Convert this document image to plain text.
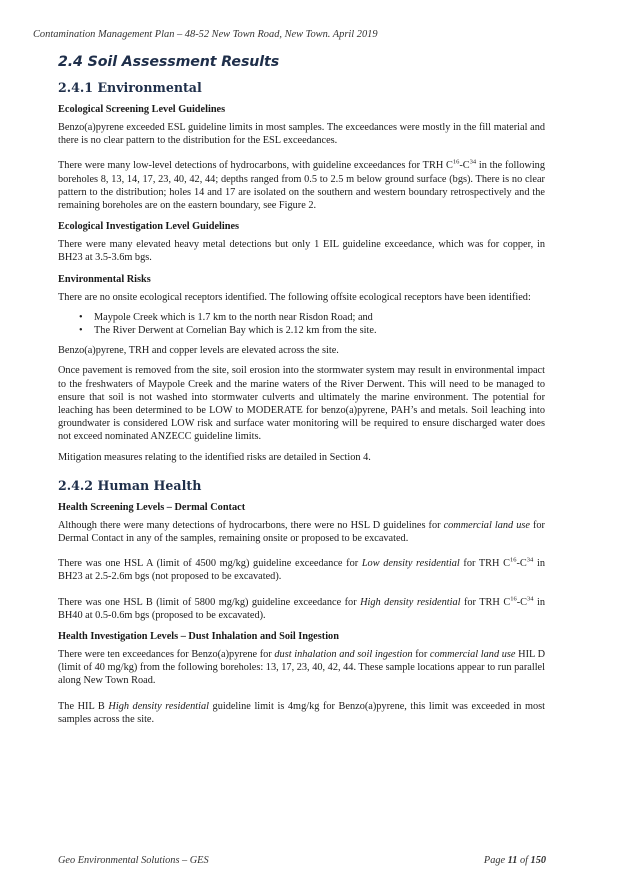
Contamination Management Plan – 48-52 New Town Road, New Town. April 2019
2.4 Soil Assessment Results
2.4.1 Environmental
Ecological Screening Level Guidelines

Benzo(a)pyrene exceeded ESL guideline limits in most samples. The exceedances were mostly in the fill material and there is no clear pattern to the distribution for the ESL exceedances.

There were many low-level detections of hydrocarbons, with guideline exceedances for TRH $C^{16}-C^{34}$ in the following boreholes 8, 13, 14, 17, 23, 40, 42, 44; depths ranged from 0.5 to 2.5 m below ground surface (bgs). There is no clear pattern to the distribution; holes 14 and 17 are isolated on the southern and western boundary retrospectively and the remaining boreholes are on the eastern boundary, see Figure 2.

Ecological Investigation Level Guidelines

There were many elevated heavy metal detections but only 1 EIL guideline exceedance, which was for copper, in BH23 at 3.5-3.6m bgs.

Environmental Risks

There are no onsite ecological receptors identified. The following offsite ecological receptors have been identified:

• Maypole Creek which is 1.7 km to the north near Risdon Road; and
• The River Derwent at Cornelian Bay which is 2.12 km from the site.

Benzo(a)pyrene, TRH and copper levels are elevated across the site.

Once pavement is removed from the site, soil erosion into the stormwater system may result in environmental impact to the freshwaters of Maypole Creek and the marine waters of the River Derwent. This will need to be managed to ensure that soil is not washed into stormwater culverts and ultimately the marine environment. The potential for leaching has been determined to be LOW to MODERATE for benzo(a)pyrene, PAH’s and metals. Soil leaching into groundwater is considered LOW risk and surface water monitoring will be required to ensure discharged water does not exceed nominated ANZECC guideline limits.

Mitigation measures relating to the identified risks are detailed in Section 4.

2.4.2 Human Health
Health Screening Levels – Dermal Contact

Although there were many detections of hydrocarbons, there were no HSL D guidelines for commercial land use for Dermal Contact in any of the samples, remaining onsite or proposed to be excavated.

There was one HSL A (limit of 4500 mg/kg) guideline exceedance for Low density residential for TRH $C^{16}-C^{34}$ in BH23 at 2.5-2.6m bgs (not proposed to be excavated).

There was one HSL B (limit of 5800 mg/kg) guideline exceedance for High density residential for TRH $C^{16}-C^{34}$ in BH40 at 0.5-0.6m bgs (proposed to be excavated).

Health Investigation Levels – Dust Inhalation and Soil Ingestion

There were ten exceedances for Benzo(a)pyrene for dust inhalation and soil ingestion for commercial land use HIL D (limit of 40 mg/kg) from the following boreholes: 13, 17, 23, 40, 42, 44. These sample locations appear to run parallel along New Town Road.

The HIL B High density residential guideline limit is 4mg/kg for Benzo(a)pyrene, this limit was exceeded in most samples across the site.

Geo Environmental Solutions – GES	Page 11 of 150
